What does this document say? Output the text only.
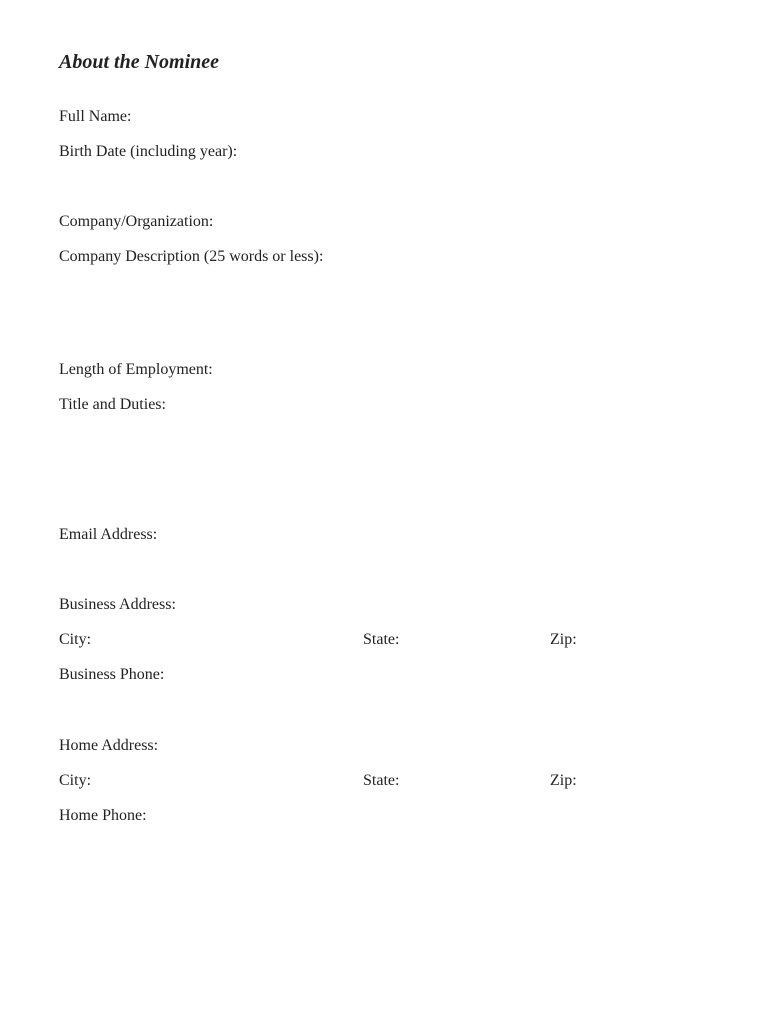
About the Nominee
Full Name:
Birth Date (including year):
Company/Organization:
Company Description (25 words or less):
Length of Employment:
Title and Duties:
Email Address:
Business Address:
City:	State:	Zip:
Business Phone:
Home Address:
City:	State:	Zip:
Home Phone:
